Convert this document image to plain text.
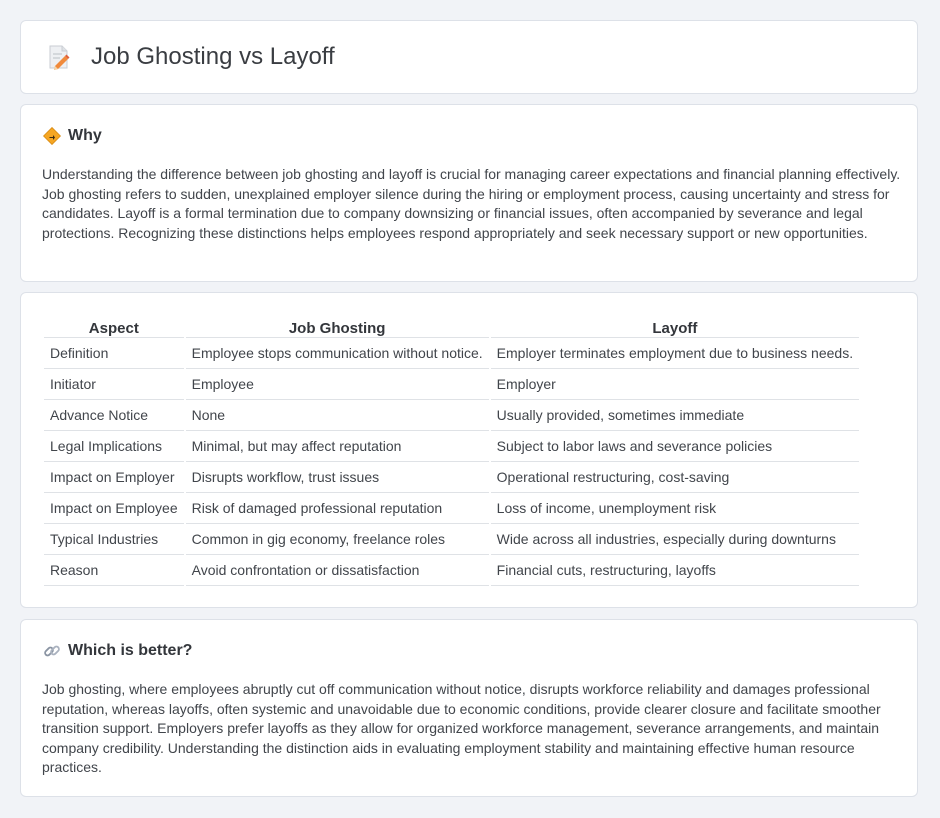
Job Ghosting vs Layoff
Why

Understanding the difference between job ghosting and layoff is crucial for managing career expectations and financial planning effectively. Job ghosting refers to sudden, unexplained employer silence during the hiring or employment process, causing uncertainty and stress for candidates. Layoff is a formal termination due to company downsizing or financial issues, often accompanied by severance and legal protections. Recognizing these distinctions helps employees respond appropriately and seek necessary support or new opportunities.

Aspect	Job Ghosting	Layoff
Definition	Employee stops communication without notice.	Employer terminates employment due to business needs.
Initiator	Employee	Employer
Advance Notice	None	Usually provided, sometimes immediate
Legal Implications	Minimal, but may affect reputation	Subject to labor laws and severance policies
Impact on Employer	Disrupts workflow, trust issues	Operational restructuring, cost-saving
Impact on Employee	Risk of damaged professional reputation	Loss of income, unemployment risk
Typical Industries	Common in gig economy, freelance roles	Wide across all industries, especially during downturns
Reason	Avoid confrontation or dissatisfaction	Financial cuts, restructuring, layoffs
Which is better?

Job ghosting, where employees abruptly cut off communication without notice, disrupts workforce reliability and damages professional reputation, whereas layoffs, often systemic and unavoidable due to economic conditions, provide clearer closure and facilitate smoother transition support. Employers prefer layoffs as they allow for organized workforce management, severance arrangements, and maintain company credibility. Understanding the distinction aids in evaluating employment stability and maintaining effective human resource practices.
